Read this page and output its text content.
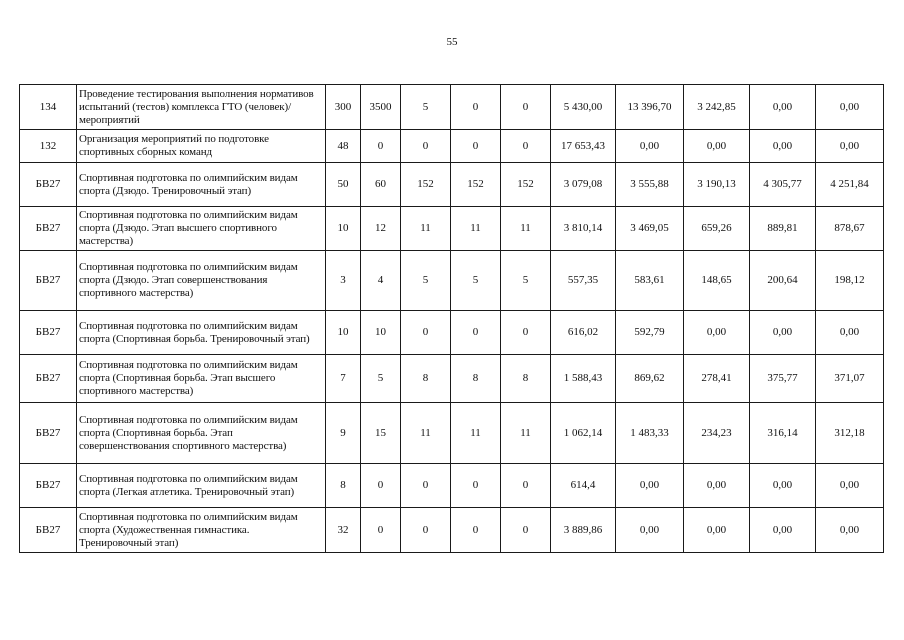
55
134	Проведение тестирования выполнения нормативов испытаний (тестов) комплекса ГТО (человек)/мероприятий	300	3500	5	0	0	5 430,00	13 396,70	3 242,85	0,00	0,00
132	Организация мероприятий по подготовке спортивных сборных команд	48	0	0	0	0	17 653,43	0,00	0,00	0,00	0,00
БВ27	Спортивная подготовка по олимпийским видам спорта (Дзюдо. Тренировочный этап)	50	60	152	152	152	3 079,08	3 555,88	3 190,13	4 305,77	4 251,84
БВ27	Спортивная подготовка по олимпийским видам спорта (Дзюдо. Этап высшего спортивного мастерства)	10	12	11	11	11	3 810,14	3 469,05	659,26	889,81	878,67
БВ27	Спортивная подготовка по олимпийским видам спорта (Дзюдо. Этап совершенствования спортивного мастерства)	3	4	5	5	5	557,35	583,61	148,65	200,64	198,12
БВ27	Спортивная подготовка по олимпийским видам спорта (Спортивная борьба. Тренировочный этап)	10	10	0	0	0	616,02	592,79	0,00	0,00	0,00
БВ27	Спортивная подготовка по олимпийским видам спорта (Спортивная борьба. Этап высшего спортивного мастерства)	7	5	8	8	8	1 588,43	869,62	278,41	375,77	371,07
БВ27	Спортивная подготовка по олимпийским видам спорта (Спортивная борьба. Этап совершенствования спортивного мастерства)	9	15	11	11	11	1 062,14	1 483,33	234,23	316,14	312,18
БВ27	Спортивная подготовка по олимпийским видам спорта (Легкая атлетика. Тренировочный этап)	8	0	0	0	0	614,4	0,00	0,00	0,00	0,00
БВ27	Спортивная подготовка по олимпийским видам спорта (Художественная гимнастика. Тренировочный этап)	32	0	0	0	0	3 889,86	0,00	0,00	0,00	0,00
